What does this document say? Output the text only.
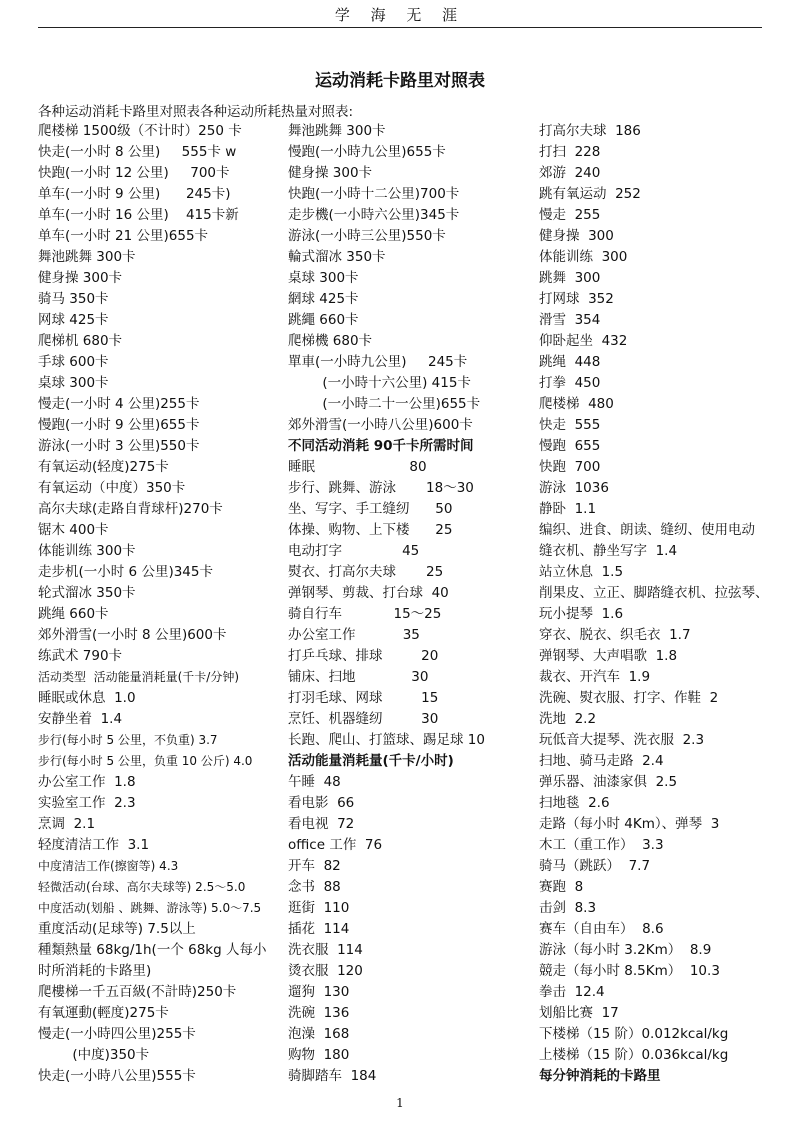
学 海 无 涯
运动消耗卡路里对照表
各种运动消耗卡路里对照表各种运动所耗热量对照表:
爬楼梯 1500级（不计时）250 卡
快走(一小时 8 公里)     555卡 w
快跑(一小时 12 公里)     700卡
单车(一小时 9 公里)      245卡)
单车(一小时 16 公里)    415卡新
单车(一小时 21 公里)655卡
舞池跳舞 300卡
健身操 300卡
骑马 350卡
网球 425卡
爬梯机 680卡
手球 600卡
桌球 300卡
慢走(一小时 4 公里)255卡
慢跑(一小时 9 公里)655卡
游泳(一小时 3 公里)550卡
有氧运动(轻度)275卡
有氧运动（中度）350卡
高尔夫球(走路自背球杆)270卡
锯木 400卡
体能训练 300卡
走步机(一小时 6 公里)345卡
轮式溜冰 350卡
跳绳 660卡
郊外滑雪(一小时 8 公里)600卡
练武术 790卡
活动类型  活动能量消耗量(千卡/分钟)
睡眠或休息  1.0
安静坐着  1.4
步行(每小时 5 公里，不负重) 3.7
步行(每小时 5 公里，负重 10 公斤) 4.0
办公室工作  1.8
实验室工作  2.3
烹调  2.1
轻度清洁工作  3.1
中度清洁工作(擦窗等) 4.3
轻微活动(台球、高尔夫球等) 2.5～5.0
中度活动(划船 、跳舞、游泳等) 5.0～7.5
重度活动(足球等) 7.5以上
種類熱量 68kg/1h(一个 68kg 人每小
时所消耗的卡路里)
爬樓梯一千五百級(不計時)250卡
有氧運動(輕度)275卡
慢走(一小時四公里)255卡
(中度)350卡
快走(一小時八公里)555卡
舞池跳舞 300卡
慢跑(一小時九公里)655卡
健身操 300卡
快跑(一小時十二公里)700卡
走步機(一小時六公里)345卡
游泳(一小時三公里)550卡
輪式溜冰 350卡
桌球 300卡
網球 425卡
跳繩 660卡
爬梯機 680卡
單車(一小時九公里)     245卡
(一小時十六公里) 415卡
(一小時二十一公里)655卡
郊外滑雪(一小時八公里)600卡
不同活动消耗 90千卡所需时间
睡眠                      80
步行、跳舞、游泳       18～30
坐、写字、手工缝纫      50
体操、购物、上下楼      25
电动打字              45
熨衣、打高尔夫球       25
弹钢琴、剪裁、打台球  40
骑自行车            15～25
办公室工作           35
打乒乓球、排球         20
铺床、扫地             30
打羽毛球、网球         15
烹饪、机器缝纫         30
长跑、爬山、打篮球、踢足球 10
活动能量消耗量(千卡/小时)
午睡  48
看电影  66
看电视  72
office 工作  76
开车  82
念书  88
逛街  110
插花  114
洗衣服  114
烫衣服  120
遛狗  130
洗碗  136
泡澡  168
购物  180
骑脚踏车  184
打高尔夫球  186
打扫  228
郊游  240
跳有氧运动  252
慢走  255
健身操  300
体能训练  300
跳舞  300
打网球  352
滑雪  354
仰卧起坐  432
跳绳  448
打拳  450
爬楼梯  480
快走  555
慢跑  655
快跑  700
游泳  1036
静卧  1.1
编织、进食、朗读、缝纫、使用电动
缝衣机、静坐写字  1.4
站立休息  1.5
削果皮、立正、脚踏缝衣机、拉弦琴、
玩小提琴  1.6
穿衣、脱衣、织毛衣  1.7
弹钢琴、大声唱歌  1.8
裁衣、开汽车  1.9
洗碗、熨衣服、打字、作鞋  2
洗地  2.2
玩低音大提琴、洗衣服  2.3
扫地、骑马走路  2.4
弹乐器、油漆家俱  2.5
扫地毯  2.6
走路（每小时 4Km）、弹琴  3
木工（重工作）  3.3
骑马（跳跃）  7.7
赛跑  8
击剑  8.3
赛车（自由车）  8.6
游泳（每小时 3.2Km）  8.9
競走（每小时 8.5Km）  10.3
拳击  12.4
划船比赛  17
下楼梯（15 阶）0.012kcal/kg
上楼梯（15 阶）0.036kcal/kg
每分钟消耗的卡路里
1
